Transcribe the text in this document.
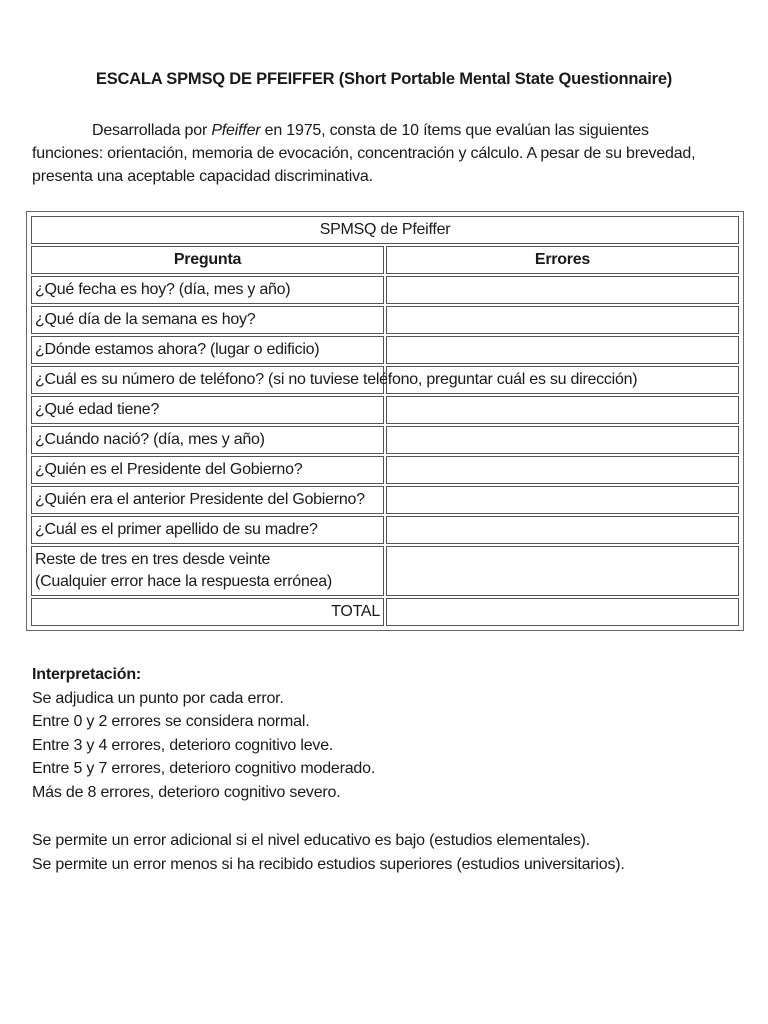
ESCALA SPMSQ DE PFEIFFER (Short Portable Mental State Questionnaire)
Desarrollada por Pfeiffer en 1975, consta de 10 ítems que evalúan las siguientes
funciones: orientación, memoria de evocación, concentración y cálculo. A pesar de su brevedad,
presenta una aceptable capacidad discriminativa.
SPMSQ de Pfeiffer	
Pregunta	Errores
¿Qué fecha es hoy? (día, mes y año)	
¿Qué día de la semana es hoy?	
¿Dónde estamos ahora? (lugar o edificio)	
¿Cuál es su número de teléfono? (si no tuviese teléfono, preguntar cuál es su dirección)	
¿Qué edad tiene?	
¿Cuándo nació? (día, mes y año)	
¿Quién es el Presidente del Gobierno?	
¿Quién era el anterior Presidente del Gobierno?	
¿Cuál es el primer apellido de su madre?	

Reste de tres en tres desde veinte
(Cualquier error hace la respuesta errónea)	

TOTAL	
Interpretación:
Se adjudica un punto por cada error.
Entre 0 y 2 errores se considera normal.
Entre 3 y 4 errores, deterioro cognitivo leve.
Entre 5 y 7 errores, deterioro cognitivo moderado.
Más de 8 errores, deterioro cognitivo severo.
Se permite un error adicional si el nivel educativo es bajo (estudios elementales).
Se permite un error menos si ha recibido estudios superiores (estudios universitarios).
